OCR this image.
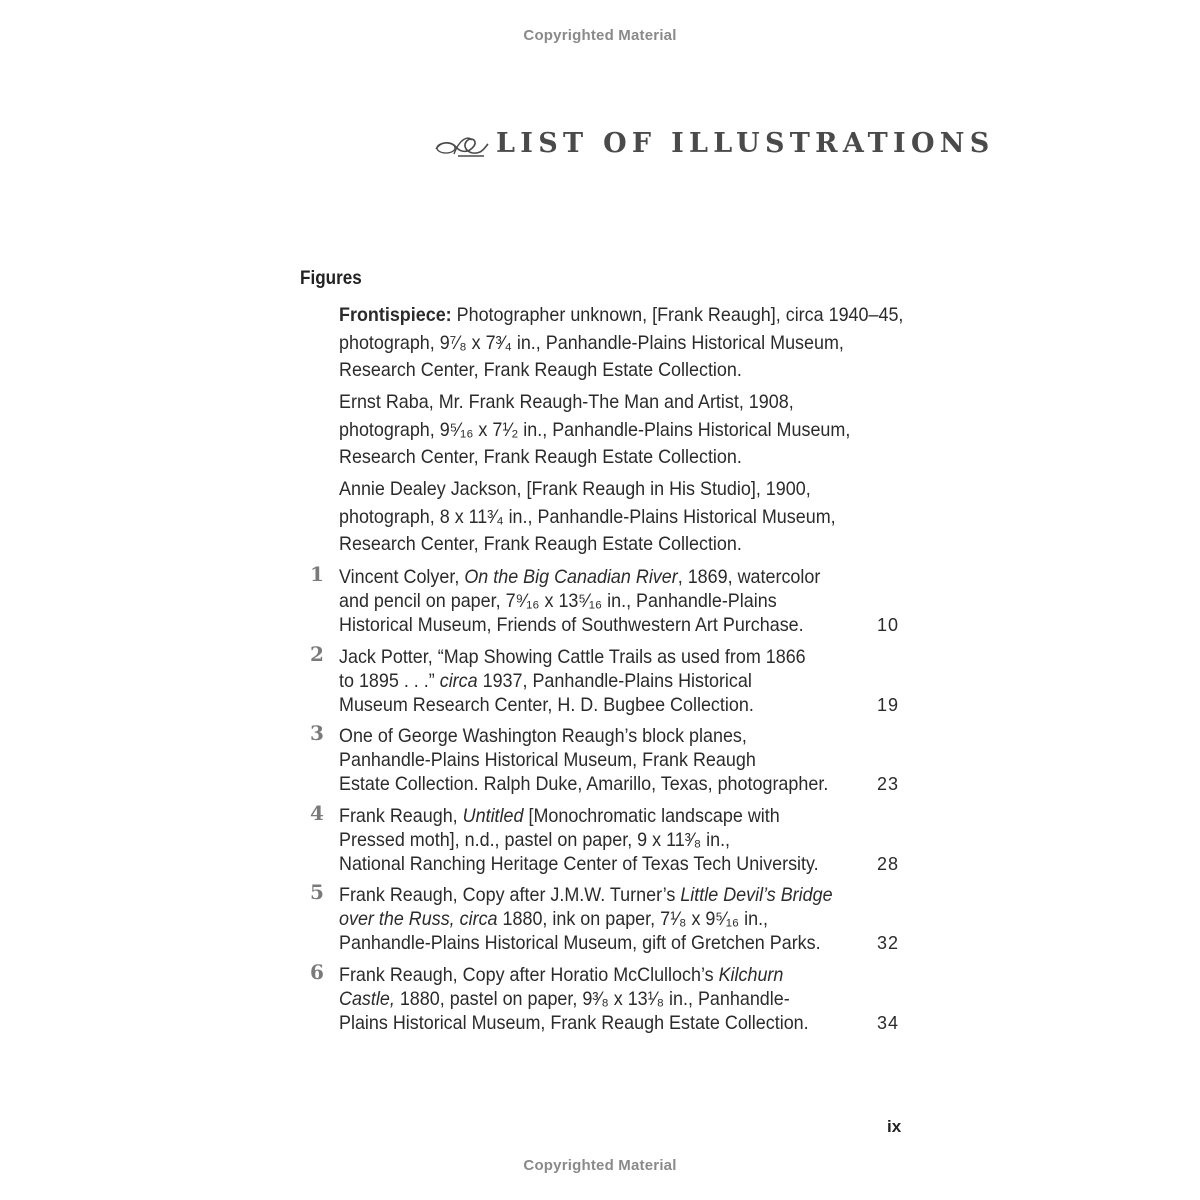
Copyrighted Material
LIST OF ILLUSTRATIONS
Figures
Frontispiece: Photographer unknown, [Frank Reaugh], circa 1940–45,
photograph, 9⁷⁄₈ x 7³⁄₄ in., Panhandle-Plains Historical Museum,
Research Center, Frank Reaugh Estate Collection.
Ernst Raba, Mr. Frank Reaugh-The Man and Artist, 1908,
photograph, 9⁵⁄₁₆ x 7¹⁄₂ in., Panhandle-Plains Historical Museum,
Research Center, Frank Reaugh Estate Collection.
Annie Dealey Jackson, [Frank Reaugh in His Studio], 1900,
photograph, 8 x 11³⁄₄ in., Panhandle-Plains Historical Museum,
Research Center, Frank Reaugh Estate Collection.
1 Vincent Colyer, On the Big Canadian River, 1869, watercolor
and pencil on paper, 7⁹⁄₁₆ x 13⁵⁄₁₆ in., Panhandle-Plains
Historical Museum, Friends of Southwestern Art Purchase.	10
2 Jack Potter, “Map Showing Cattle Trails as used from 1866
to 1895 . . .” circa 1937, Panhandle-Plains Historical
Museum Research Center, H. D. Bugbee Collection.	19
3 One of George Washington Reaugh’s block planes,
Panhandle-Plains Historical Museum, Frank Reaugh
Estate Collection. Ralph Duke, Amarillo, Texas, photographer.	23
4 Frank Reaugh, Untitled [Monochromatic landscape with
Pressed moth], n.d., pastel on paper, 9 x 11³⁄₈ in.,
National Ranching Heritage Center of Texas Tech University.	28
5 Frank Reaugh, Copy after J.M.W. Turner’s Little Devil’s Bridge
over the Russ, circa 1880, ink on paper, 7¹⁄₈ x 9⁵⁄₁₆ in.,
Panhandle-Plains Historical Museum, gift of Gretchen Parks.	32
6 Frank Reaugh, Copy after Horatio McClulloch’s Kilchurn
Castle, 1880, pastel on paper, 9³⁄₈ x 13¹⁄₈ in., Panhandle-
Plains Historical Museum, Frank Reaugh Estate Collection.	34
ix
Copyrighted Material
